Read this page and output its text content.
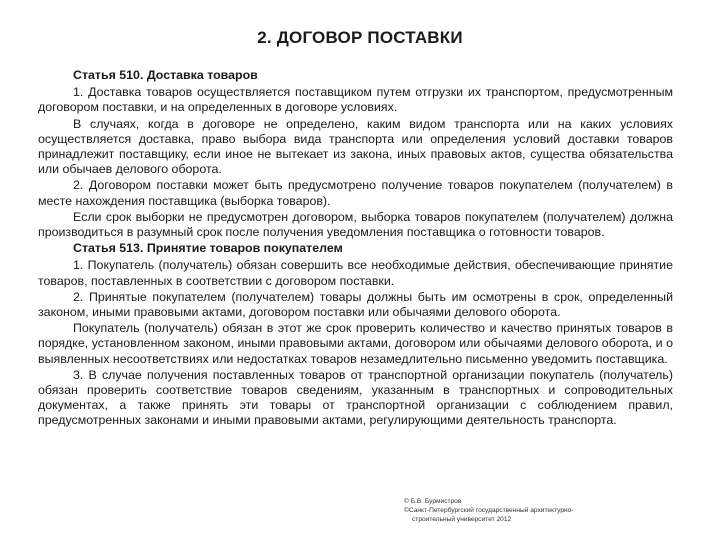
2. ДОГОВОР ПОСТАВКИ
Статья 510. Доставка товаров

1. Доставка товаров осуществляется поставщиком путем отгрузки их транспортом, предусмотренным договором поставки, и на определенных в договоре условиях.

В случаях, когда в договоре не определено, каким видом транспорта или на каких условиях осуществляется доставка, право выбора вида транспорта или определения условий доставки товаров принадлежит поставщику, если иное не вытекает из закона, иных правовых актов, существа обязательства или обычаев делового оборота.

2. Договором поставки может быть предусмотрено получение товаров покупателем (получателем) в месте нахождения поставщика (выборка товаров).

Если срок выборки не предусмотрен договором, выборка товаров покупателем (получателем) должна производиться в разумный срок после получения уведомления поставщика о готовности товаров.

Статья 513. Принятие товаров покупателем

1. Покупатель (получатель) обязан совершить все необходимые действия, обеспечивающие принятие товаров, поставленных в соответствии с договором поставки.

2. Принятые покупателем (получателем) товары должны быть им осмотрены в срок, определенный законом, иными правовыми актами, договором поставки или обычаями делового оборота.

Покупатель (получатель) обязан в этот же срок проверить количество и качество принятых товаров в порядке, установленном законом, иными правовыми актами, договором или обычаями делового оборота, и о выявленных несоответствиях или недостатках товаров незамедлительно письменно уведомить поставщика.

3. В случае получения поставленных товаров от транспортной организации покупатель (получатель) обязан проверить соответствие товаров сведениям, указанным в транспортных и сопроводительных документах, а также принять эти товары от транспортной организации с соблюдением правил, предусмотренных законами и иными правовыми актами, регулирующими деятельность транспорта.

© Б.В. Бурмистров
©Санкт-Петербургский государственный архитектурно-
строительный университет 2012
